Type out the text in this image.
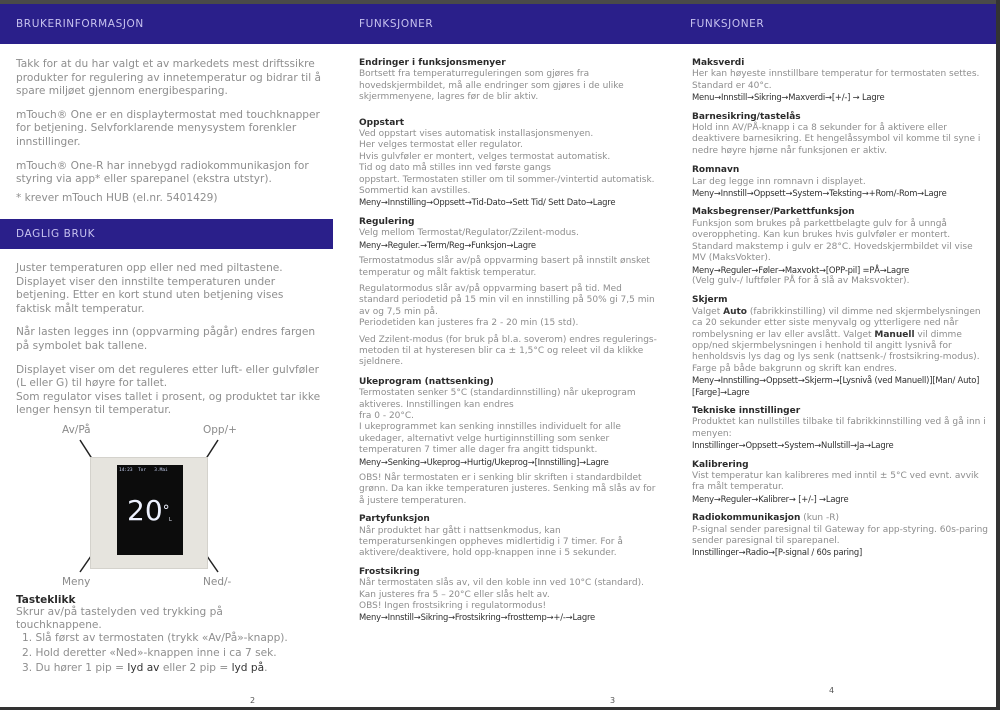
BRUKERINFORMASJON
Takk for at du har valgt et av markedets mest driftssikre produkter for regulering av innetemperatur og bidrar til å spare miljøet gjennom energibesparing.
mTouch® One er en displaytermostat med touchknapper for betjening. Selvforklarende menysystem forenkler innstillinger.
mTouch® One-R har innebygd radiokommunikasjon for styring via app* eller sparepanel (ekstra utstyr).
* krever mTouch HUB (el.nr. 5401429)
DAGLIG BRUK
Juster temperaturen opp eller ned med piltastene. Displayet viser den innstilte temperaturen under betjening. Etter en kort stund uten betjening vises faktisk målt temperatur.
Når lasten legges inn (oppvarming pågår) endres fargen på symbolet bak tallene.
Displayet viser om det reguleres etter luft- eller gulvføler (L eller G) til høyre for tallet.
Som regulator vises tallet i prosent, og produktet tar ikke lenger hensyn til temperatur.
Av/På	Opp/+
Meny	Ned/-
14:23  Tor   3.Mai
20°
L
Tasteklikk
Skrur av/på tastelyden ved trykking på touchknappene.
1. Slå først av termostaten (trykk «Av/På»-knapp).
2. Hold deretter «Ned»-knappen inne i ca 7 sek.
3. Du hører 1 pip = lyd av eller 2 pip = lyd på.
2
FUNKSJONER
Endringer i funksjonsmenyer
Bortsett fra temperaturreguleringen som gjøres fra hovedskjermbildet, må alle endringer som gjøres i de ulike skjermmenyene, lagres før de blir aktiv.
Oppstart
Ved oppstart vises automatisk installasjonsmenyen.
Her velges termostat eller regulator.
Hvis gulvføler er montert, velges termostat automatisk.
Tid og dato må stilles inn ved første gangs
oppstart. Termostaten stiller om til sommer-/vintertid automatisk. Sommertid kan avstilles.
Meny→Innstilling→Oppsett→Tid-Dato→Sett Tid/ Sett Dato→Lagre
Regulering
Velg mellom Termostat/Regulator/Zzilent-modus.
Meny→Reguler.→Term/Reg→Funksjon→Lagre
Termostatmodus slår av/på oppvarming basert på innstilt ønsket temperatur og målt faktisk temperatur.
Regulatormodus slår av/på oppvarming basert på tid. Med standard periodetid på 15 min vil en innstilling på 50% gi 7,5 min av og 7,5 min på.
Periodetiden kan justeres fra 2 - 20 min (15 std).
Ved Zzilent-modus (for bruk på bl.a. soverom) endres regulerings-metoden til at hysteresen blir ca ± 1,5°C og releet vil da klikke sjeldnere.
Ukeprogram (nattsenking)
Termostaten senker 5°C (standardinnstilling) når ukeprogram aktiveres. Innstillingen kan endres
fra 0 - 20°C.
I ukeprogrammet kan senking innstilles individuelt for alle ukedager, alternativt velge hurtiginnstilling som senker temperaturen 7 timer alle dager fra angitt tidspunkt.
Meny→Senking→Ukeprog→Hurtig/Ukeprog→[Innstilling]→Lagre
OBS! Når termostaten er i senking blir skriften i standardbildet grønn. Da kan ikke temperaturen justeres. Senking må slås av for å justere temperaturen.
Partyfunksjon
Når produktet har gått i nattsenkmodus, kan temperatursenkingen oppheves midlertidig i 7 timer. For å aktivere/deaktivere, hold opp-knappen inne i 5 sekunder.
Frostsikring
Når termostaten slås av, vil den koble inn ved 10°C (standard). Kan justeres fra 5 – 20°C eller slås helt av.
OBS! Ingen frostsikring i regulatormodus!
Meny→Innstill→Sikring→Frostsikring→frosttemp→+/-→Lagre
3
FUNKSJONER
Maksverdi
Her kan høyeste innstillbare temperatur for termostaten settes. Standard er 40°c.
Menu→Innstill→Sikring→Maxverdi→[+/-] → Lagre
Barnesikring/tastelås
Hold inn AV/PÅ-knapp i ca 8 sekunder for å aktivere eller deaktivere barnesikring. Et hengelåssymbol vil komme til syne i nedre høyre hjørne når funksjonen er aktiv.
Romnavn
Lar deg legge inn romnavn i displayet.
Meny→Innstill→Oppsett→System→Teksting→+Rom/-Rom→Lagre
Maksbegrenser/Parkettfunksjon
Funksjon som brukes på parkettbelagte gulv for å unngå overoppheting. Kan kun brukes hvis gulvføler er montert. Standard makstemp i gulv er 28°C. Hovedskjermbildet vil vise MV (MaksVokter).
Meny→Reguler→Føler→Maxvokt→[OPP-pil] =PÅ→Lagre
(Velg gulv-/ luftføler PÅ for å slå av Maksvokter).
Skjerm
Valget Auto (fabrikkinstilling) vil dimme ned skjermbelysningen ca 20 sekunder etter siste menyvalg og ytterligere ned når rombelysning er lav eller avslått. Valget Manuell vil dimme opp/ned skjermbelysningen i henhold til angitt lysnivå for henholdsvis lys dag og lys senk (nattsenk-/ frostsikring-modus).
Farge på både bakgrunn og skrift kan endres.
Meny→Innstilling→Oppsett→Skjerm→[Lysnivå (ved Manuell)][Man/ Auto][Farge]→Lagre
Tekniske innstillinger
Produktet kan nullstilles tilbake til fabrikkinnstilling ved å gå inn i menyen:
Innstillinger→Oppsett→System→Nullstill→Ja→Lagre
Kalibrering
Vist temperatur kan kalibreres med inntil ± 5°C ved evnt. avvik fra målt temperatur.
Meny→Reguler→Kalibrer→ [+/-] →Lagre
Radiokommunikasjon (kun -R)
P-signal sender paresignal til Gateway for app-styring. 60s-paring sender paresignal til sparepanel.
Innstillinger→Radio→[P-signal / 60s paring]
4
